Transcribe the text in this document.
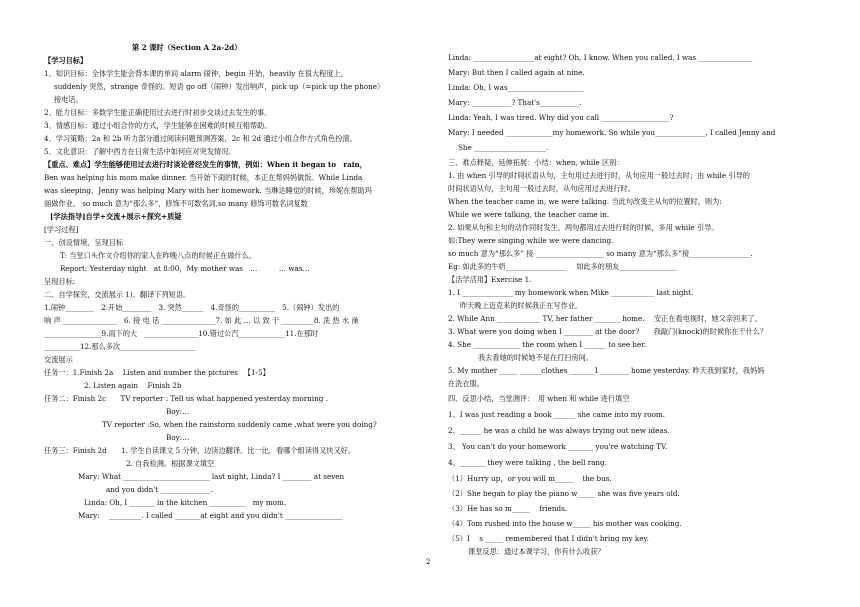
第 2 课时（Section A 2a-2d）
【学习目标】
1、知识目标：全体学生能会背本课的单词 alarm 闹钟，begin 开始，heavily 在很大程度上，
suddenly 突然，strange 奇怪的。短语 go off（闹钟）发出响声，pick up（=pick up the phone）
接电话。
2、能力目标：多数学生能正确使用过去进行时初步交谈过去发生的事。
3、情感目标：通过小组合作的方式，学生能够在困难的时候互相帮助。
4、学习策略：2a 和 2b 听力部分通过阅读问题预测答案，2c 和 2d 通过小组合作方式角色扮演。
5、文化意识：了解中西方在日常生活中如何应对突发情况。
【重点、难点】学生能够使用过去进行时谈论曾经发生的事情，例如：When it began to　rain，
Ben was helping his mom make dinner. 当开始下雨的时候，本正在帮妈妈做饭。While Linda
was sleeping，Jenny was helping Mary with her homework. 当琳达睡觉的时候，珍妮在帮助玛
丽做作业。 so much 意为“那么多”，修饰不可数名词,so many 修饰可数名词复数
[学法指导]自学+交流+展示+探究+质疑
[学习过程]
一、创设情境，呈现目标
T: 当堂口头作文介绍你的家人在昨晚八点的时候正在做什么。
Report: Yesterday night　at 8:00，My mother was　…　　　… was…
呈现目标:
二、自学探究，交流展示 1)、翻译下列短语。
1.闹钟________　2.开始________　3. 突然______　4.奇怪的__________　5.（闹钟）发出的
响 声 _______________　6. 接 电 话 _______________7. 如 此 … 以 致 于 _________8. 洗 热 水 澡
________________9.雨下的大　_______________10.错过公汽_____________11.在那时
__________12.那么多次_____________________
交流展示
任务一：1.Finish 2a　 Listen and number the pictures 　【1-5】
2. Listen again　 Finish 2b
任务二：Finish 2c　　TV reporter : Tell us what happened yesterday morning .
Boy:…
TV reporter :So, when the rainstorm suddenly came ,what were you doing?
Boy:…
任务三：Finish 2d　　1. 学生自读课文 5 分钟，边读边翻译。比一比，看哪个组读得又快又好。
2. 自我检测。根据课文填空
Mary: What ________________________ last night, Linda? I ________ at seven
and you didn't ______________.
Linda: Oh, I _______ in the kitchen __________　my mom.
Mary:　 _________. I called _______at eight and you didn't ________________
Linda: _________________at eight? Oh, I know. When you called, I was _______________
Mary: But then I called again at nine.
Linda: Oh, I was_____________________
Mary: ___________? That's___________.
Linda: Yeah, I was tired. Why did you call ___________________?
Mary: I needed _____________my homework. So while you______________, I called Jenny and
She ____________________.
三、难点释疑，延伸拓展：小结：when, while 区别：
1. 由 when 引导的时间状语从句，主句用过去进行时，从句应用一般过去时；由 while 引导的
时间状语从句，主句用一般过去时，从句应用过去进行时。
When the teacher came in, we were talking. 当此句改变主从句的位置时，则为:
While we were talking, the teacher came in.
2. 如果从句和主句的动作同时发生，两句都用过去进行时的时候，多用 while 引导。
如:They were singing while we were dancing.
so much 意为“那么多” 接 ___________________ so many 意为“那么多”接_________________.
Eg: 如此多的牛奶_________________　 如此多的朋友________________
【活学活用】Exercise 1.
1. I ______________ my homework when Mike ____________ last night.
昨天晚上迈克来的时候我正在写作业。
2. While Ann ____________ TV, her father _______ home.　 安正在看电视时，她父亲回来了。
3. What were you doing when I ________ at the door?　　我敲门(knock)的时候你在干什么？
4. She _____________ the room when I ______ to see her.
我去看她的时候她不是在打扫房间。
5. My mother _____ ______clothes _______I ________ home yesterday. 昨天我到家时，我妈妈
在洗衣服。
四、反思小结，当堂测评：　用 when 和 while 进行填空
1、I was just reading a book ______ she came into my room.
2、______ he was a child he was always trying out new ideas.
3、 You can't do your homework _______ you're watching TV.
4、_______ they were talking , the bell rang.
（1）Hurry up，or you will m_____　 the bus.
（2）She began to play the piano w_____ she was five years old.
（3）He has so m_____　 friends.
（4）Tom rushed into the house w_____ his mother was cooking.
（5）I　 s _____ remembered that I didn't bring my key.
课堂反思：通过本课学习，你有什么收获？
2
